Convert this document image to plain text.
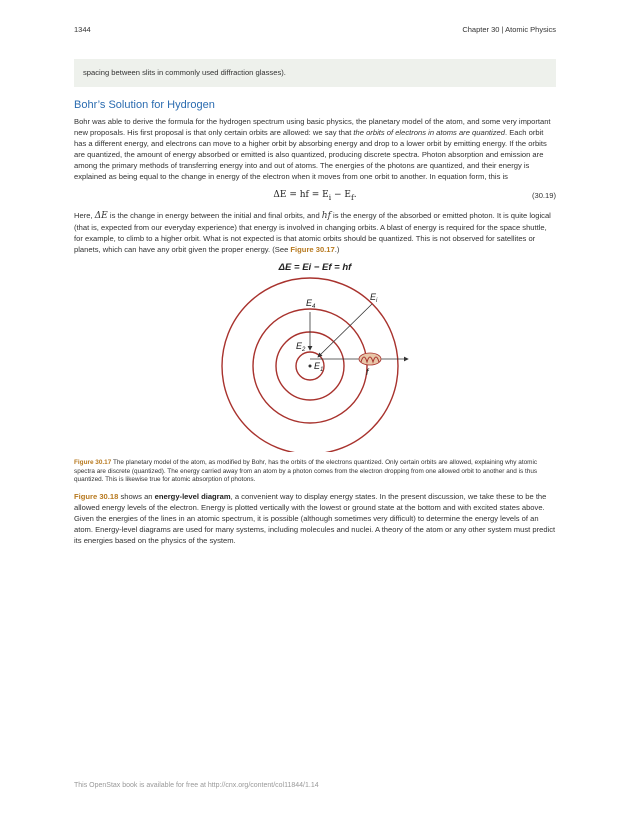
1344	Chapter 30 | Atomic Physics
spacing between slits in commonly used diffraction glasses).
Bohr’s Solution for Hydrogen

Bohr was able to derive the formula for the hydrogen spectrum using basic physics, the planetary model of the atom, and some very important new proposals. His first proposal is that only certain orbits are allowed: we say that the orbits of electrons in atoms are quantized. Each orbit has a different energy, and electrons can move to a higher orbit by absorbing energy and drop to a lower orbit by emitting energy. If the orbits are quantized, the amount of energy absorbed or emitted is also quantized, producing discrete spectra. Photon absorption and emission are among the primary methods of transferring energy into and out of atoms. The energies of the photons are quantized, and their energy is explained as being equal to the change in energy of the electron when it moves from one orbit to another. In equation form, this is

ΔE = hf = $E_i - E_f$.	(30.19)

Here, ΔE is the change in energy between the initial and final orbits, and hf is the energy of the absorbed or emitted photon. It is quite logical (that is, expected from our everyday experience) that energy is involved in changing orbits. A blast of energy is required for the space shuttle, for example, to climb to a higher orbit. What is not expected is that atomic orbits should be quantized. This is not observed for satellites or planets, which can have any orbit given the proper energy. (See Figure 30.17.)

ΔE = Ei − Ef = hf
$E_4$
$E_i$
$E_2$
$E_1$	f

Figure 30.17 The planetary model of the atom, as modified by Bohr, has the orbits of the electrons quantized. Only certain orbits are allowed, explaining why atomic spectra are discrete (quantized). The energy carried away from an atom by a photon comes from the electron dropping from one allowed orbit to another and is thus quantized. This is likewise true for atomic absorption of photons.

Figure 30.18 shows an energy-level diagram, a convenient way to display energy states. In the present discussion, we take these to be the allowed energy levels of the electron. Energy is plotted vertically with the lowest or ground state at the bottom and with excited states above. Given the energies of the lines in an atomic spectrum, it is possible (although sometimes very difficult) to determine the energy levels of an atom. Energy-level diagrams are used for many systems, including molecules and nuclei. A theory of the atom or any other system must predict its energies based on the physics of the system.

This OpenStax book is available for free at http://cnx.org/content/col11844/1.14
